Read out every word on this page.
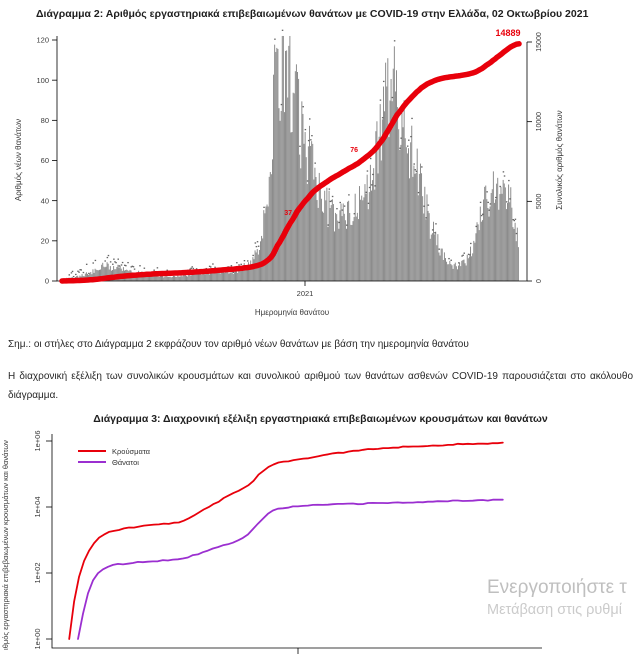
Διάγραμμα 2: Αριθμός εργαστηριακά επιβεβαιωμένων θανάτων με COVID-19 στην Ελλάδα, 02 Οκτωβρίου 2021
0
20
40
60
80
100
120
0
5000
10000
15000
2021
Ημερομηνία θανάτου
Αριθμός νέων θανάτων	Συνολικός αριθμός θανάτων
37
76
14889
1e+00
1e+02
1e+04
1e+06
ιθμός εργαστηριακά επιβεβαιωμένων κρουσμάτων και θανάτων	Κρούσματα
Θάνατοι
Σημ.: οι στήλες στο Διάγραμμα 2 εκφράζουν τον αριθμό νέων θανάτων με βάση την ημερομηνία θανάτου
Η διαχρονική εξέλιξη των συνολικών κρουσμάτων και συνολικού αριθμού των θανάτων ασθενών COVID-19 παρουσιάζεται στο ακόλουθο διάγραμμα.
Διάγραμμα 3: Διαχρονική εξέλιξη εργαστηριακά επιβεβαιωμένων κρουσμάτων και θανάτων
Ενεργοποιήστε τ
Μετάβαση στις ρυθμί
